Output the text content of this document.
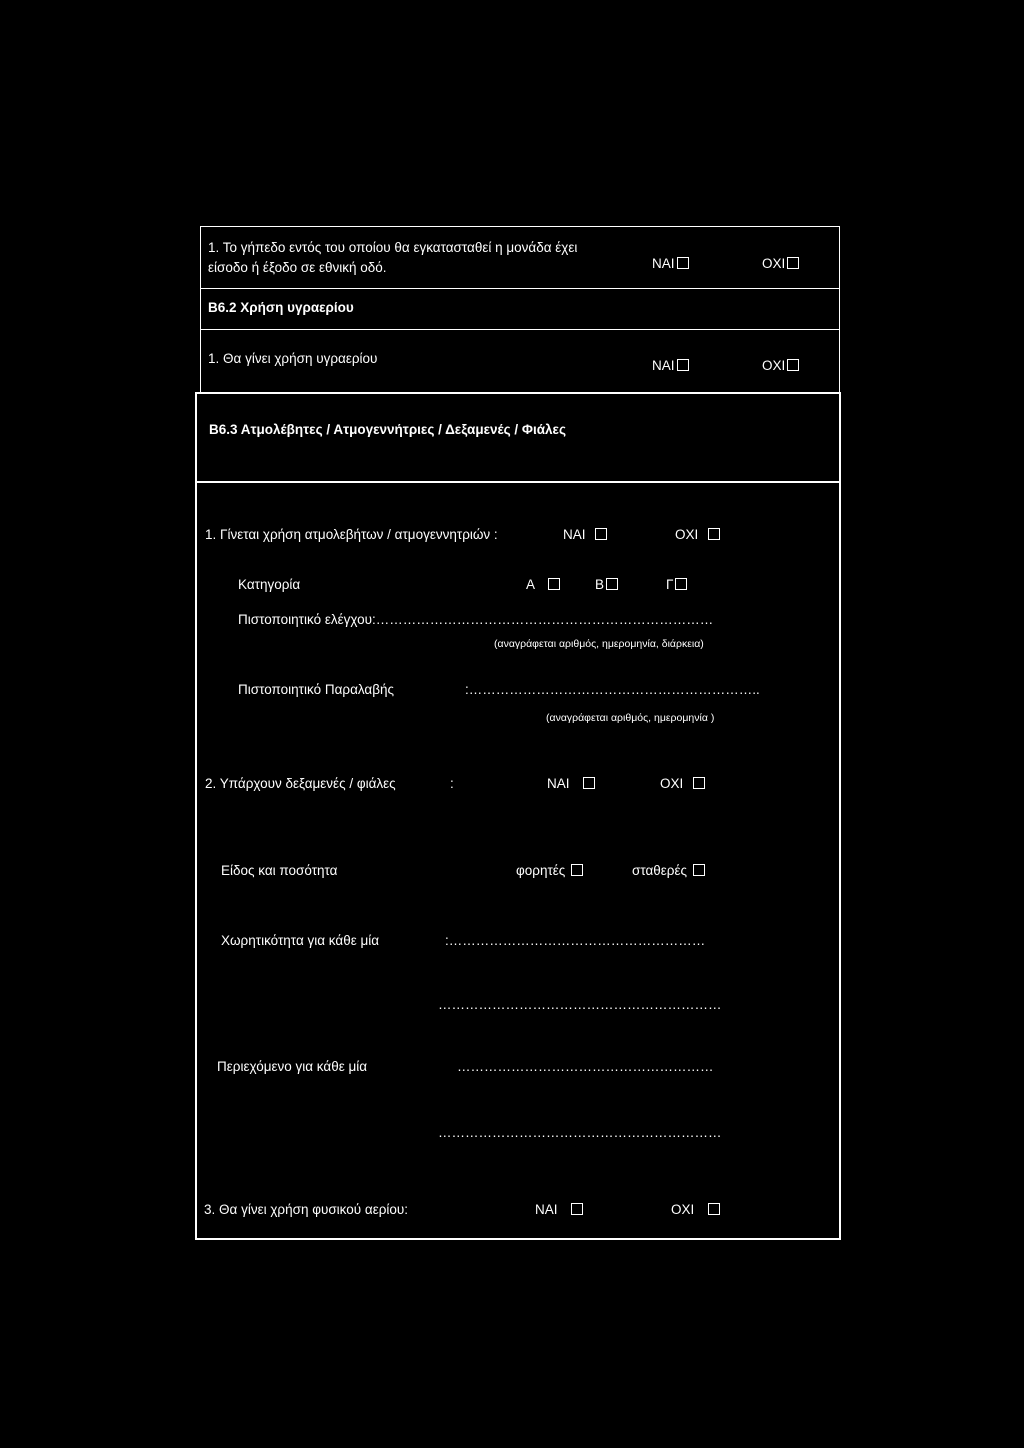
1. Το γήπεδο εντός του οποίου θα εγκατασταθεί η μονάδα έχει
είσοδο ή έξοδο σε εθνική οδό.	ΝΑΙ	ΟΧΙ
Β6.2 Χρήση υγραερίου
1. Θα γίνει χρήση υγραερίου	ΝΑΙ	ΟΧΙ
Β6.3 Ατμολέβητες / Ατμογεννήτριες / Δεξαμενές / Φιάλες
1. Γίνεται χρήση ατμολεβήτων / ατμογεννητριών :	ΝΑΙ	ΟΧΙ
Κατηγορία	Α	Β	Γ
Πιστοποιητικό ελέγχου:…………………………………………………………………
(αναγράφεται αριθμός, ημερομηνία, διάρκεια)
Πιστοποιητικό Παραλαβής	:………………………………………………………..
(αναγράφεται αριθμός, ημερομηνία )
2. Υπάρχουν δεξαμενές / φιάλες	:	ΝΑΙ	ΟΧΙ
Είδος και ποσότητα	φορητές	σταθερές
Χωρητικότητα για κάθε μία	:…………………………………………………
………………………………………………………
Περιεχόμενο για κάθε μία	…………………………………………………
………………………………………………………
3. Θα γίνει χρήση φυσικού αερίου:	ΝΑΙ	ΟΧΙ
